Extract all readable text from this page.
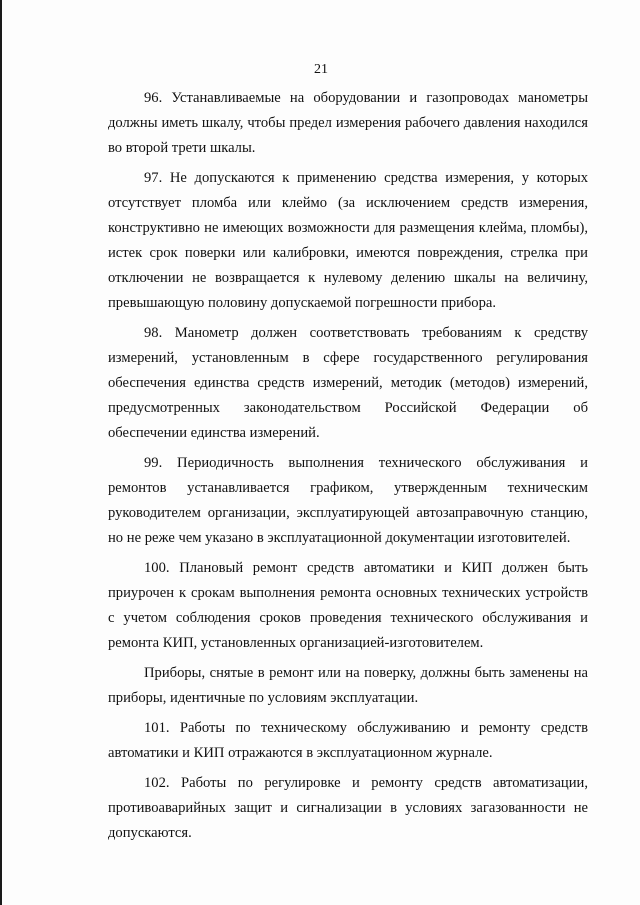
21

96. Устанавливаемые на оборудовании и газопроводах манометры должны иметь шкалу, чтобы предел измерения рабочего давления находился во второй трети шкалы.

97. Не допускаются к применению средства измерения, у которых отсутствует пломба или клеймо (за исключением средств измерения, конструктивно не имеющих возможности для размещения клейма, пломбы), истек срок поверки или калибровки, имеются повреждения, стрелка при отключении не возвращается к нулевому делению шкалы на величину, превышающую половину допускаемой погрешности прибора.

98. Манометр должен соответствовать требованиям к средству измерений, установленным в сфере государственного регулирования обеспечения единства средств измерений, методик (методов) измерений, предусмотренных законодательством Российской Федерации об обеспечении единства измерений.

99. Периодичность выполнения технического обслуживания и ремонтов устанавливается графиком, утвержденным техническим руководителем организации, эксплуатирующей автозаправочную станцию, но не реже чем указано в эксплуатационной документации изготовителей.

100. Плановый ремонт средств автоматики и КИП должен быть приурочен к срокам выполнения ремонта основных технических устройств с учетом соблюдения сроков проведения технического обслуживания и ремонта КИП, установленных организацией-изготовителем.

Приборы, снятые в ремонт или на поверку, должны быть заменены на приборы, идентичные по условиям эксплуатации.

101. Работы по техническому обслуживанию и ремонту средств автоматики и КИП отражаются в эксплуатационном журнале.

102. Работы по регулировке и ремонту средств автоматизации, противоаварийных защит и сигнализации в условиях загазованности не допускаются.
